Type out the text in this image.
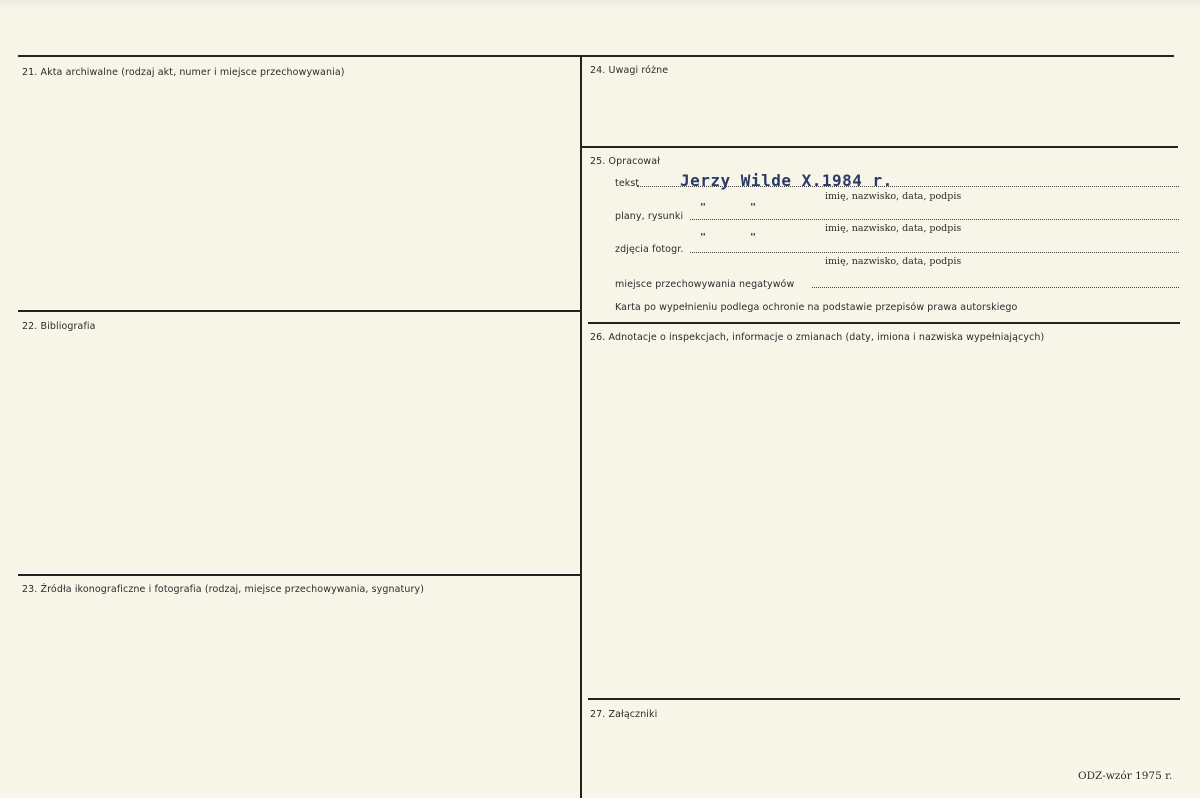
21. Akta archiwalne (rodzaj akt, numer i miejsce przechowywania)
22. Bibliografia
23. Źródła ikonograficzne i fotografia (rodzaj, miejsce przechowywania, sygnatury)
24. Uwagi różne
25. Opracował
26. Adnotacje o inspekcjach, informacje o zmianach (daty, imiona i nazwiska wypełniających)
27. Załączniki
tekst	Jerzy Wilde X.1984 r.
imię, nazwisko, data, podpis
plany, rysunki
"	"
imię, nazwisko, data, podpis
zdjęcia fotogr.
"	"
imię, nazwisko, data, podpis
miejsce przechowywania negatywów
Karta po wypełnieniu podlega ochronie na podstawie przepisów prawa autorskiego
ODZ-wzór 1975 r.
